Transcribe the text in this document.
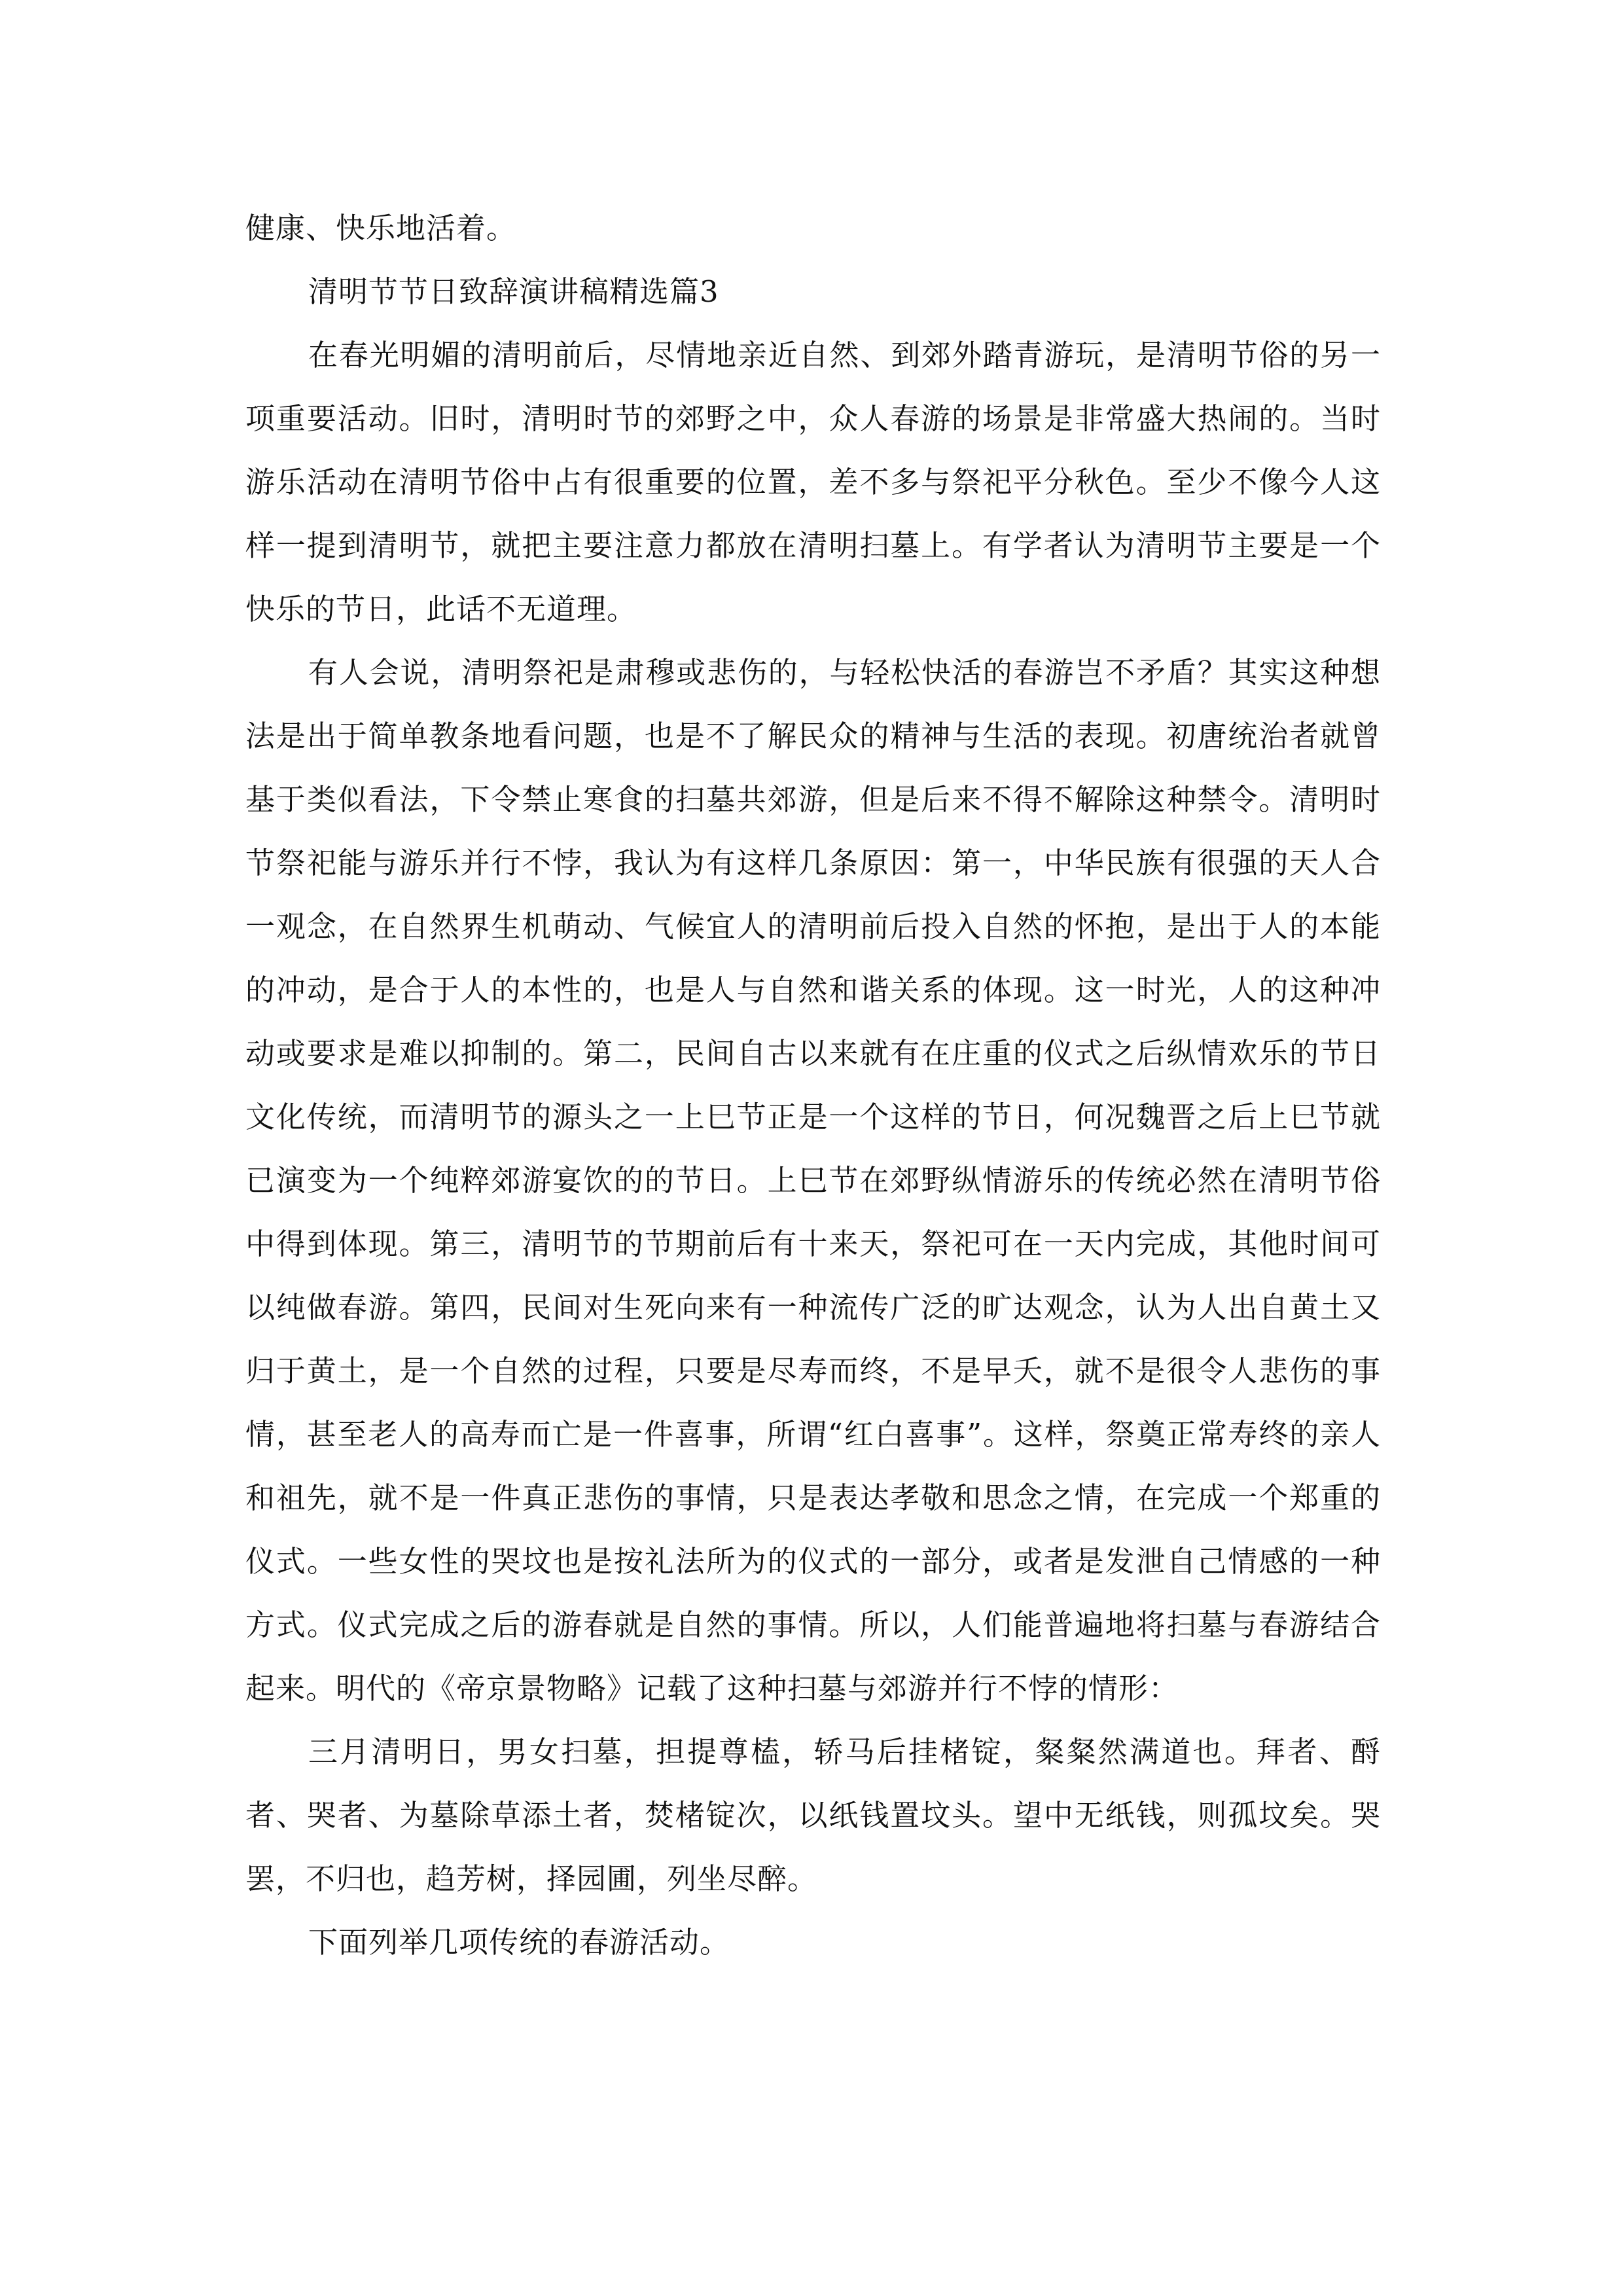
健康、快乐地活着。

清明节节日致辞演讲稿精选篇3

在春光明媚的清明前后，尽情地亲近自然、到郊外踏青游玩，是清明节俗的另一项重要活动。旧时，清明时节的郊野之中，众人春游的场景是非常盛大热闹的。当时游乐活动在清明节俗中占有很重要的位置，差不多与祭祀平分秋色。至少不像今人这样一提到清明节，就把主要注意力都放在清明扫墓上。有学者认为清明节主要是一个快乐的节日，此话不无道理。

有人会说，清明祭祀是肃穆或悲伤的，与轻松快活的春游岂不矛盾？其实这种想法是出于简单教条地看问题，也是不了解民众的精神与生活的表现。初唐统治者就曾基于类似看法，下令禁止寒食的扫墓共郊游，但是后来不得不解除这种禁令。清明时节祭祀能与游乐并行不悖，我认为有这样几条原因：第一，中华民族有很强的天人合一观念，在自然界生机萌动、气候宜人的清明前后投入自然的怀抱，是出于人的本能的冲动，是合于人的本性的，也是人与自然和谐关系的体现。这一时光，人的这种冲动或要求是难以抑制的。第二，民间自古以来就有在庄重的仪式之后纵情欢乐的节日文化传统，而清明节的源头之一上巳节正是一个这样的节日，何况魏晋之后上巳节就已演变为一个纯粹郊游宴饮的的节日。上巳节在郊野纵情游乐的传统必然在清明节俗中得到体现。第三，清明节的节期前后有十来天，祭祀可在一天内完成，其他时间可以纯做春游。第四，民间对生死向来有一种流传广泛的旷达观念，认为人出自黄土又归于黄土，是一个自然的过程，只要是尽寿而终，不是早夭，就不是很令人悲伤的事情，甚至老人的高寿而亡是一件喜事，所谓“红白喜事”。这样，祭奠正常寿终的亲人和祖先，就不是一件真正悲伤的事情，只是表达孝敬和思念之情，在完成一个郑重的仪式。一些女性的哭坟也是按礼法所为的仪式的一部分，或者是发泄自己情感的一种方式。仪式完成之后的游春就是自然的事情。所以，人们能普遍地将扫墓与春游结合起来。明代的《帝京景物略》记载了这种扫墓与郊游并行不悖的情形：

三月清明日，男女扫墓，担提尊榼，轿马后挂楮锭，粲粲然满道也。拜者、酹者、哭者、为墓除草添土者，焚楮锭次，以纸钱置坟头。望中无纸钱，则孤坟矣。哭罢，不归也，趋芳树，择园圃，列坐尽醉。

下面列举几项传统的春游活动。
